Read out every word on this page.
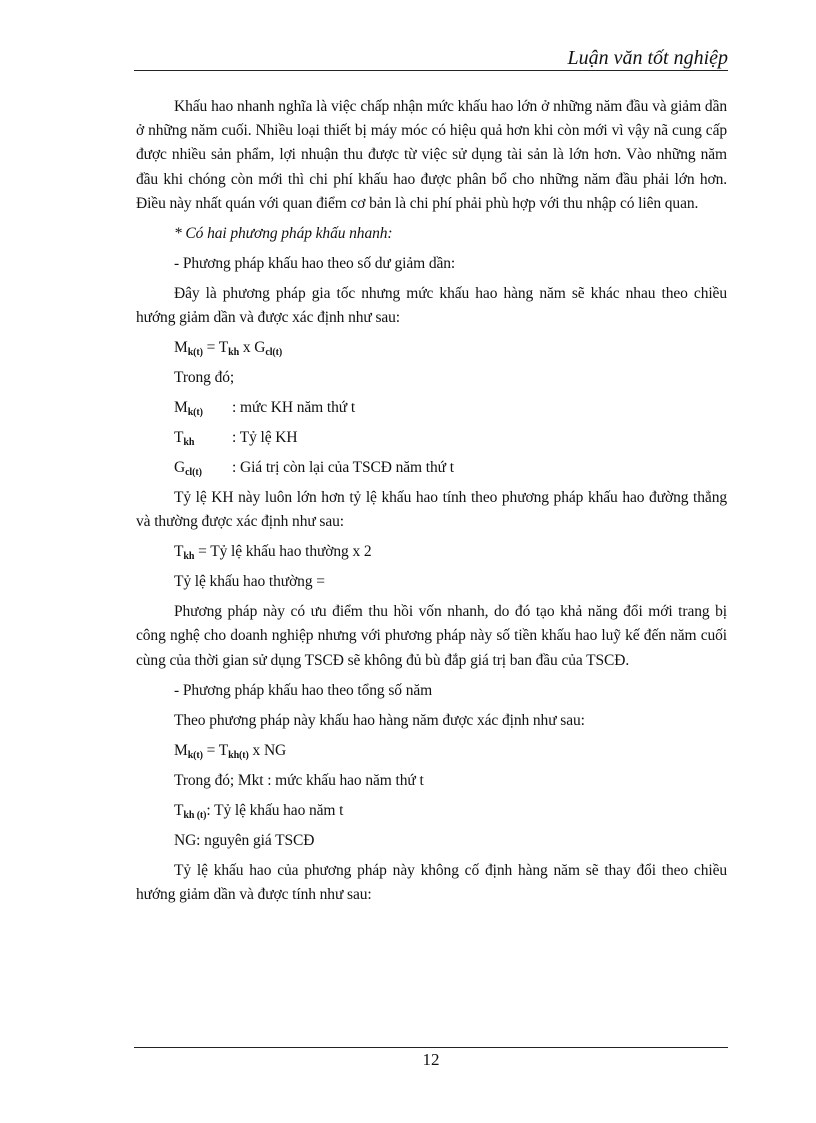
Luận văn tốt nghiệp

Khấu hao nhanh nghĩa là việc chấp nhận mức khấu hao lớn ở những năm đầu và giảm dần ở những năm cuối. Nhiều loại thiết bị máy móc có hiệu quả hơn khi còn mới vì vậy nã cung cấp được nhiều sản phẩm, lợi nhuận thu được từ việc sử dụng tài sản là lớn hơn. Vào những năm đầu khi chóng còn mới thì chi phí khấu hao được phân bổ cho những năm đầu phải lớn hơn. Điều này nhất quán với quan điểm cơ bản là chi phí phải phù hợp với thu nhập có liên quan.

* Có hai phương pháp khấu nhanh:

- Phương pháp khấu hao theo số dư giảm dần:

Đây là phương pháp gia tốc nhưng mức khấu hao hàng năm sẽ khác nhau theo chiều hướng giảm dần và được xác định như sau:

$M_{k(t)} = T_{kh}$ x $G_{cl(t)}$

Trong đó;

$M_{k(t)}$ : mức KH năm thứ t

$T_{kh}$ : Tỷ lệ KH

$G_{cl(t)}$ : Giá trị còn lại của TSCĐ năm thứ t

Tỷ lệ KH này luôn lớn hơn tỷ lệ khấu hao tính theo phương pháp khấu hao đường thẳng và thường được xác định như sau:

$T_{kh}$ = Tỷ lệ khấu hao thường x 2

Tỷ lệ khấu hao thường =

Phương pháp này có ưu điểm thu hồi vốn nhanh, do đó tạo khả năng đổi mới trang bị công nghệ cho doanh nghiệp nhưng với phương pháp này số tiền khấu hao luỹ kế đến năm cuối cùng của thời gian sử dụng TSCĐ sẽ không đủ bù đắp giá trị ban đầu của TSCĐ.

- Phương pháp khấu hao theo tổng số năm

Theo phương pháp này khấu hao hàng năm được xác định như sau:

$M_{k(t)} = T_{kh(t)}$ x NG

Trong đó; Mkt : mức khấu hao năm thứ t

$T_{kh (t)}$: Tỷ lệ khấu hao năm t

NG: nguyên giá TSCĐ

Tỷ lệ khấu hao của phương pháp này không cố định hàng năm sẽ thay đổi theo chiều hướng giảm dần và được tính như sau:

12
